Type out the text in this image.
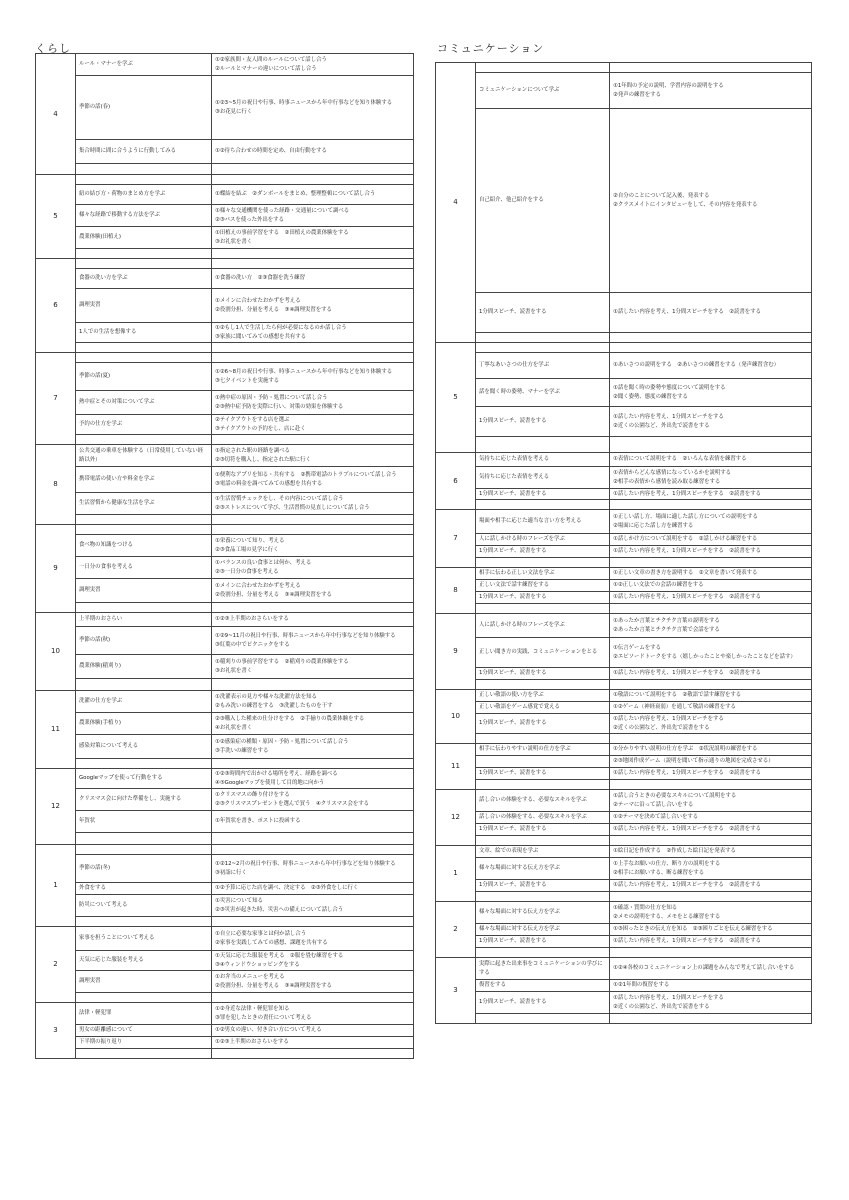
くらし	コミュニケーション
4	ルール・マナーを学ぶ	①②家族間・友人間のルールについて話し合う
②ルールとマナーの違いについて話し合う

	季節の話(春)	①②3~5月の祝日や行事、時事ニュースから年中行事などを知り体験する
③お花見に行く

	集合時間に間に合うように行動してみる	①②待ち合わせの時間を定め、自由行動をする

5		
	紐の結び方・荷物のまとめ方を学ぶ	①蝶結を結ぶ　②ダンボールをまとめ、整理整頓について話し合う

	様々な経路で移動する方法を学ぶ	①様々な交通機関を使った経路・交通量について調べる
②③バスを使った外出をする

	農業体験(田植え)	①田植えの事前学習をする　②田植えの農業体験をする
③お礼状を書く

6		
	食器の洗い方を学ぶ	①食器の洗い方　②③食器を洗う練習

	調理実習	①メインに合わせたおかずを考える
②役割分担、分量を考える　③④調理実習をする

	1人での生活を想像する	①②もし1人で生活したら何が必要になるのか話し合う
③家族に聞いてみての感想を共有する

7		
	季節の話(夏)	①②6~8月の祝日や行事、時事ニュースから年中行事などを知り体験する
③七夕イベントを実施する

	熱中症とその対策について学ぶ	①熱中症の原因・予防・処置について話し合う
②③熱中症予防を実際に行い、対策の効果を体験する

	予約の仕方を学ぶ	②テイクアウトをする店を選ぶ
③テイクアウトの予約をし、店に赴く

8	公共交通の乗車を体験する（日常使用していない経路以外）	①指定された駅の経路を調べる
②③切符を購入し、指定された駅に行く

	携帯電話の使い方や料金を学ぶ	①便利なアプリを知る・共有する　②携帯電話のトラブルについて話し合う
③電話の料金を調べてみての感想を共有する

	生活習慣から健康な生活を学ぶ	①生活習慣チェックをし、その内容について話し合う
②③ストレスについて学び、生活習慣の見直しについて話し合う

9		
	食べ物の知識をつける	①栄養について知り、考える
②③食品工場の見学に行く

	一日分の食事を考える	①バランスの良い食事とは何か、考える
②③一日分の食事を考える

	調理実習	①メインに合わせたおかずを考える
②役割分担、分量を考える　③④調理実習をする

10	上半期のおさらい	①②③上半期のおさらいをする

	季節の話(秋)	①②9~11月の祝日や行事、時事ニュースから年中行事などを知り体験する
③紅葉の中でピクニックをする

	農業体験(稲刈り)	①稲刈りの事前学習をする　②稲刈りの農業体験をする
③お礼状を書く

11	洗濯の仕方を学ぶ	①洗濯表示の見方や様々な洗濯方法を知る
②もみ洗いの練習をする　③洗濯したものを干す

	農業体験(手植り)	②③購入した種来の仕分けをする　②手揃りの農業体験をする
④お礼状を書く

	感染対策について考える	①②感染症の種類・原因・予防・処置について話し合う
③手洗いの練習をする

12	Googleマップを使って行動をする	①②③時間内で出かける場所を考え、経路を調べる
④⑤Googleマップを使用して目的地に向かう

	クリスマス会に向けた準備をし、実施する	①クリスマスの飾り付けをする
②③クリスマスプレゼントを選んで買う　④クリスマス会をする

	年賀状	①年賀状を書き、ポストに投函する

1		
	季節の話(冬)	①②12~2月の祝日や行事、時事ニュースから年中行事などを知り体験する
③初詣に行く

	外食をする	①②予算に応じた店を調べ、決定する　②③外食をしに行く

	防災について考える	①災害について知る
②③災害が起きた時、災害への備えについて話し合う

2	家事を担うことについて考える	①自立に必要な家事とは何か話し合う
②家事を実践してみての感想、課題を共有する

	天気に応じた服装を考える	①天気に応じた服装を考える　②服を畳む練習をする
③④ウィンドウショッピングをする

	調理実習	①お弁当のメニューを考える
②役割分担、分量を考える　③④調理実習をする

3	法律・軽犯罪	①②身近な法律・軽犯罪を知る
③罪を犯したときの責任について考える

	男女の距離感について	①②男女の違い、付き合い方について考える

	下半期の振り返り	①②③上半期のおさらいをする

4		
	コミュニケーションについて学ぶ	①1年間の予定の説明、学習内容の説明をする
②発声の練習をする

	自己紹介、他己紹介をする	②自分のことについて記入後、発表する
②クラスメイトにインタビューをして、その内容を発表する

	1分間スピーチ、読書をする	①話したい内容を考え、1分間スピーチをする　②読書をする

5		
	丁寧なあいさつの仕方を学ぶ	①あいさつの説明をする　②あいさつの練習をする（発声練習含む）

	話を聞く時の姿勢、マナーを学ぶ	①話を聞く時の姿勢や態度について説明をする
②聞く姿勢、態度の練習をする

	1分間スピーチ、読書をする	①話したい内容を考え、1分間スピーチをする
②近くの公園など、外出先で読書をする

6	気持ちに応じた表情を考える	①表情について説明をする　②いろんな表情を練習する

	気持ちに応じた表情を考える	①表情からどんな感情になっているかを説明する
②相手の表情から感情を読み取る練習をする

	1分間スピーチ、読書をする	①話したい内容を考え、1分間スピーチをする　②読書をする

7	場面や相手に応じた適当な言い方を考える	①正しい話し方、場面に適した話し方についての説明をする
②場面に応じた話し方を練習する

	人に話しかける時のフレーズを学ぶ	①話しかけ方について説明をする　②話しかける練習をする

	1分間スピーチ、読書をする	①話したい内容を考え、1分間スピーチをする　②読書をする

8	相手に伝わる正しい文法を学ぶ	①正しい文章の書き方を説明する　②文章を書いて発表する

	正しい文法で話す練習をする	①②正しい文法での会話の練習をする

	1分間スピーチ、読書をする	①話したい内容を考え、1分間スピーチをする　②読書をする

9	人に話しかける時のフレーズを学ぶ	①あったか言葉とチクチク言葉の説明をする
②あったか言葉とチクチク言葉で会話をする

	正しい聞き方の実践、コミュニケーションをとる	①伝言ゲームをする
②エピソードトークをする（嬉しかったことや楽しかったことなどを話す）

	1分間スピーチ、読書をする	①話したい内容を考え、1分間スピーチをする　②読書をする

10	正しい敬語の使い方を学ぶ	①敬語について説明をする　②敬語で話す練習をする

	正しい敬語をゲーム感覚で覚える	①②ゲーム（神経衰弱）を通して敬語の練習をする

	1分間スピーチ、読書をする	①話したい内容を考え、1分間スピーチをする
②近くの公園など、外出先で読書をする

11	相手に伝わりやすい説明の仕方を学ぶ	①分かりやすい説明の仕方を学ぶ　②状況説明の練習をする

		②③地図作成ゲーム（説明を聞いて指示通りの地図を完成させる）

	1分間スピーチ、読書をする	①話したい内容を考え、1分間スピーチをする　②読書をする

12	話し合いの体験をする、必要なスキルを学ぶ	①話し合うときの必要なスキルについて説明をする
②テーマに沿って話し合いをする

	話し合いの体験をする、必要なスキルを学ぶ	①②テーマを決めて話し合いをする

	1分間スピーチ、読書をする	①話したい内容を考え、1分間スピーチをする　②読書をする

1	文章、絵での表現を学ぶ	①絵日記を作成する　②作成した絵日記を発表する

	様々な場面に対する伝え方を学ぶ	①上手なお願いの仕方、断り方の説明をする
②相手にお願いする、断る練習をする

	1分間スピーチ、読書をする	①話したい内容を考え、1分間スピーチをする　②読書をする

2	様々な場面に対する伝え方を学ぶ	①確認・質問の仕方を知る
②メモの説明をする、メモをとる練習をする

	様々な場面に対する伝え方を学ぶ	①③困ったときの伝え方を知る　②③困りごとを伝える練習をする

	1分間スピーチ、読書をする	①話したい内容を考え、1分間スピーチをする　②読書をする

3	実際に起きた出来事をコミュニケーションの学びにする	①②④各校のコミュニケーション上の課題をみんなで考えて話し合いをする

	復習をする	①②1年間の復習をする

	1分間スピーチ、読書をする	①話したい内容を考え、1分間スピーチをする
②近くの公園など、外出先で読書をする
